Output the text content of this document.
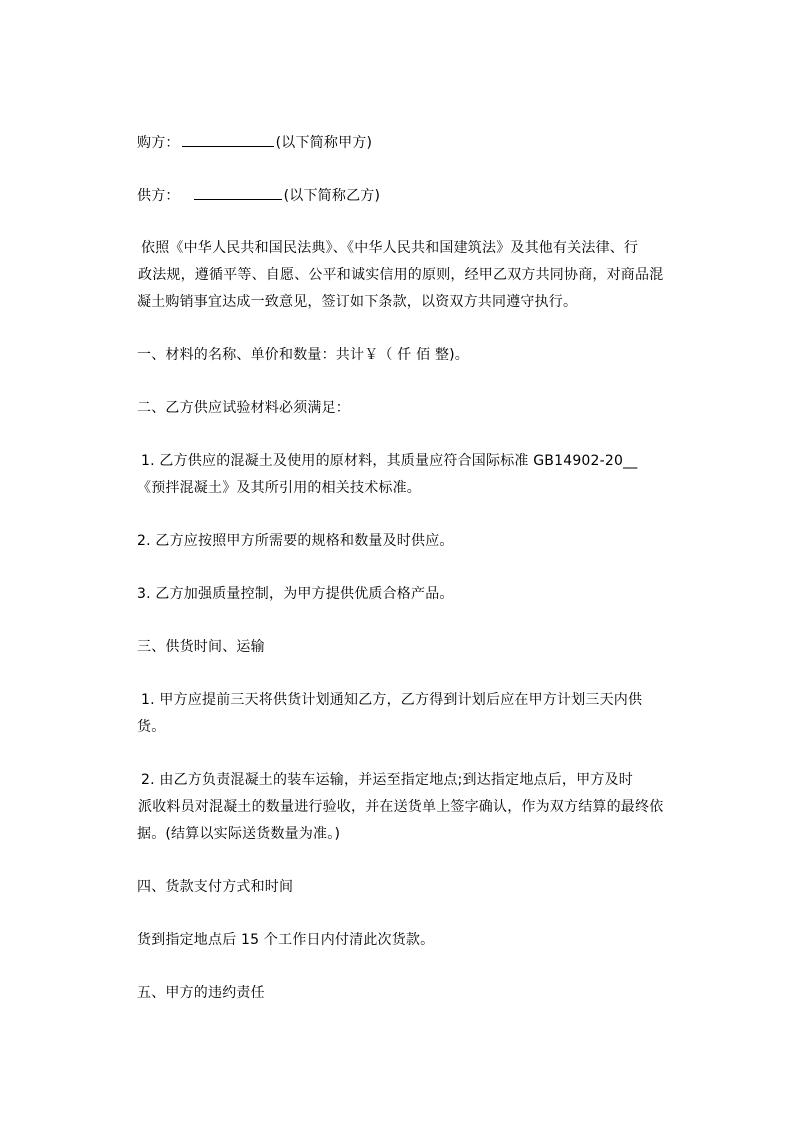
购方：	(以下简称甲方)
供方：	(以下简称乙方)
依照《中华人民共和国民法典》、《中华人民共和国建筑法》及其他有关法律、行
政法规，遵循平等、自愿、公平和诚实信用的原则，经甲乙双方共同协商，对商品混
凝土购销事宜达成一致意见，签订如下条款，以资双方共同遵守执行。
一、材料的名称、单价和数量：共计￥（ 仟 佰 整)。
二、乙方供应试验材料必须满足：
1. 乙方供应的混凝土及使用的原材料，其质量应符合国际标准 GB14902-20__
《预拌混凝土》及其所引用的相关技术标准。
2. 乙方应按照甲方所需要的规格和数量及时供应。
3. 乙方加强质量控制，为甲方提供优质合格产品。
三、供货时间、运输
1. 甲方应提前三天将供货计划通知乙方，乙方得到计划后应在甲方计划三天内供
货。
2. 由乙方负责混凝土的装车运输，并运至指定地点;到达指定地点后，甲方及时
派收料员对混凝土的数量进行验收，并在送货单上签字确认，作为双方结算的最终依
据。(结算以实际送货数量为准。)
四、货款支付方式和时间
货到指定地点后 15 个工作日内付清此次货款。
五、甲方的违约责任
